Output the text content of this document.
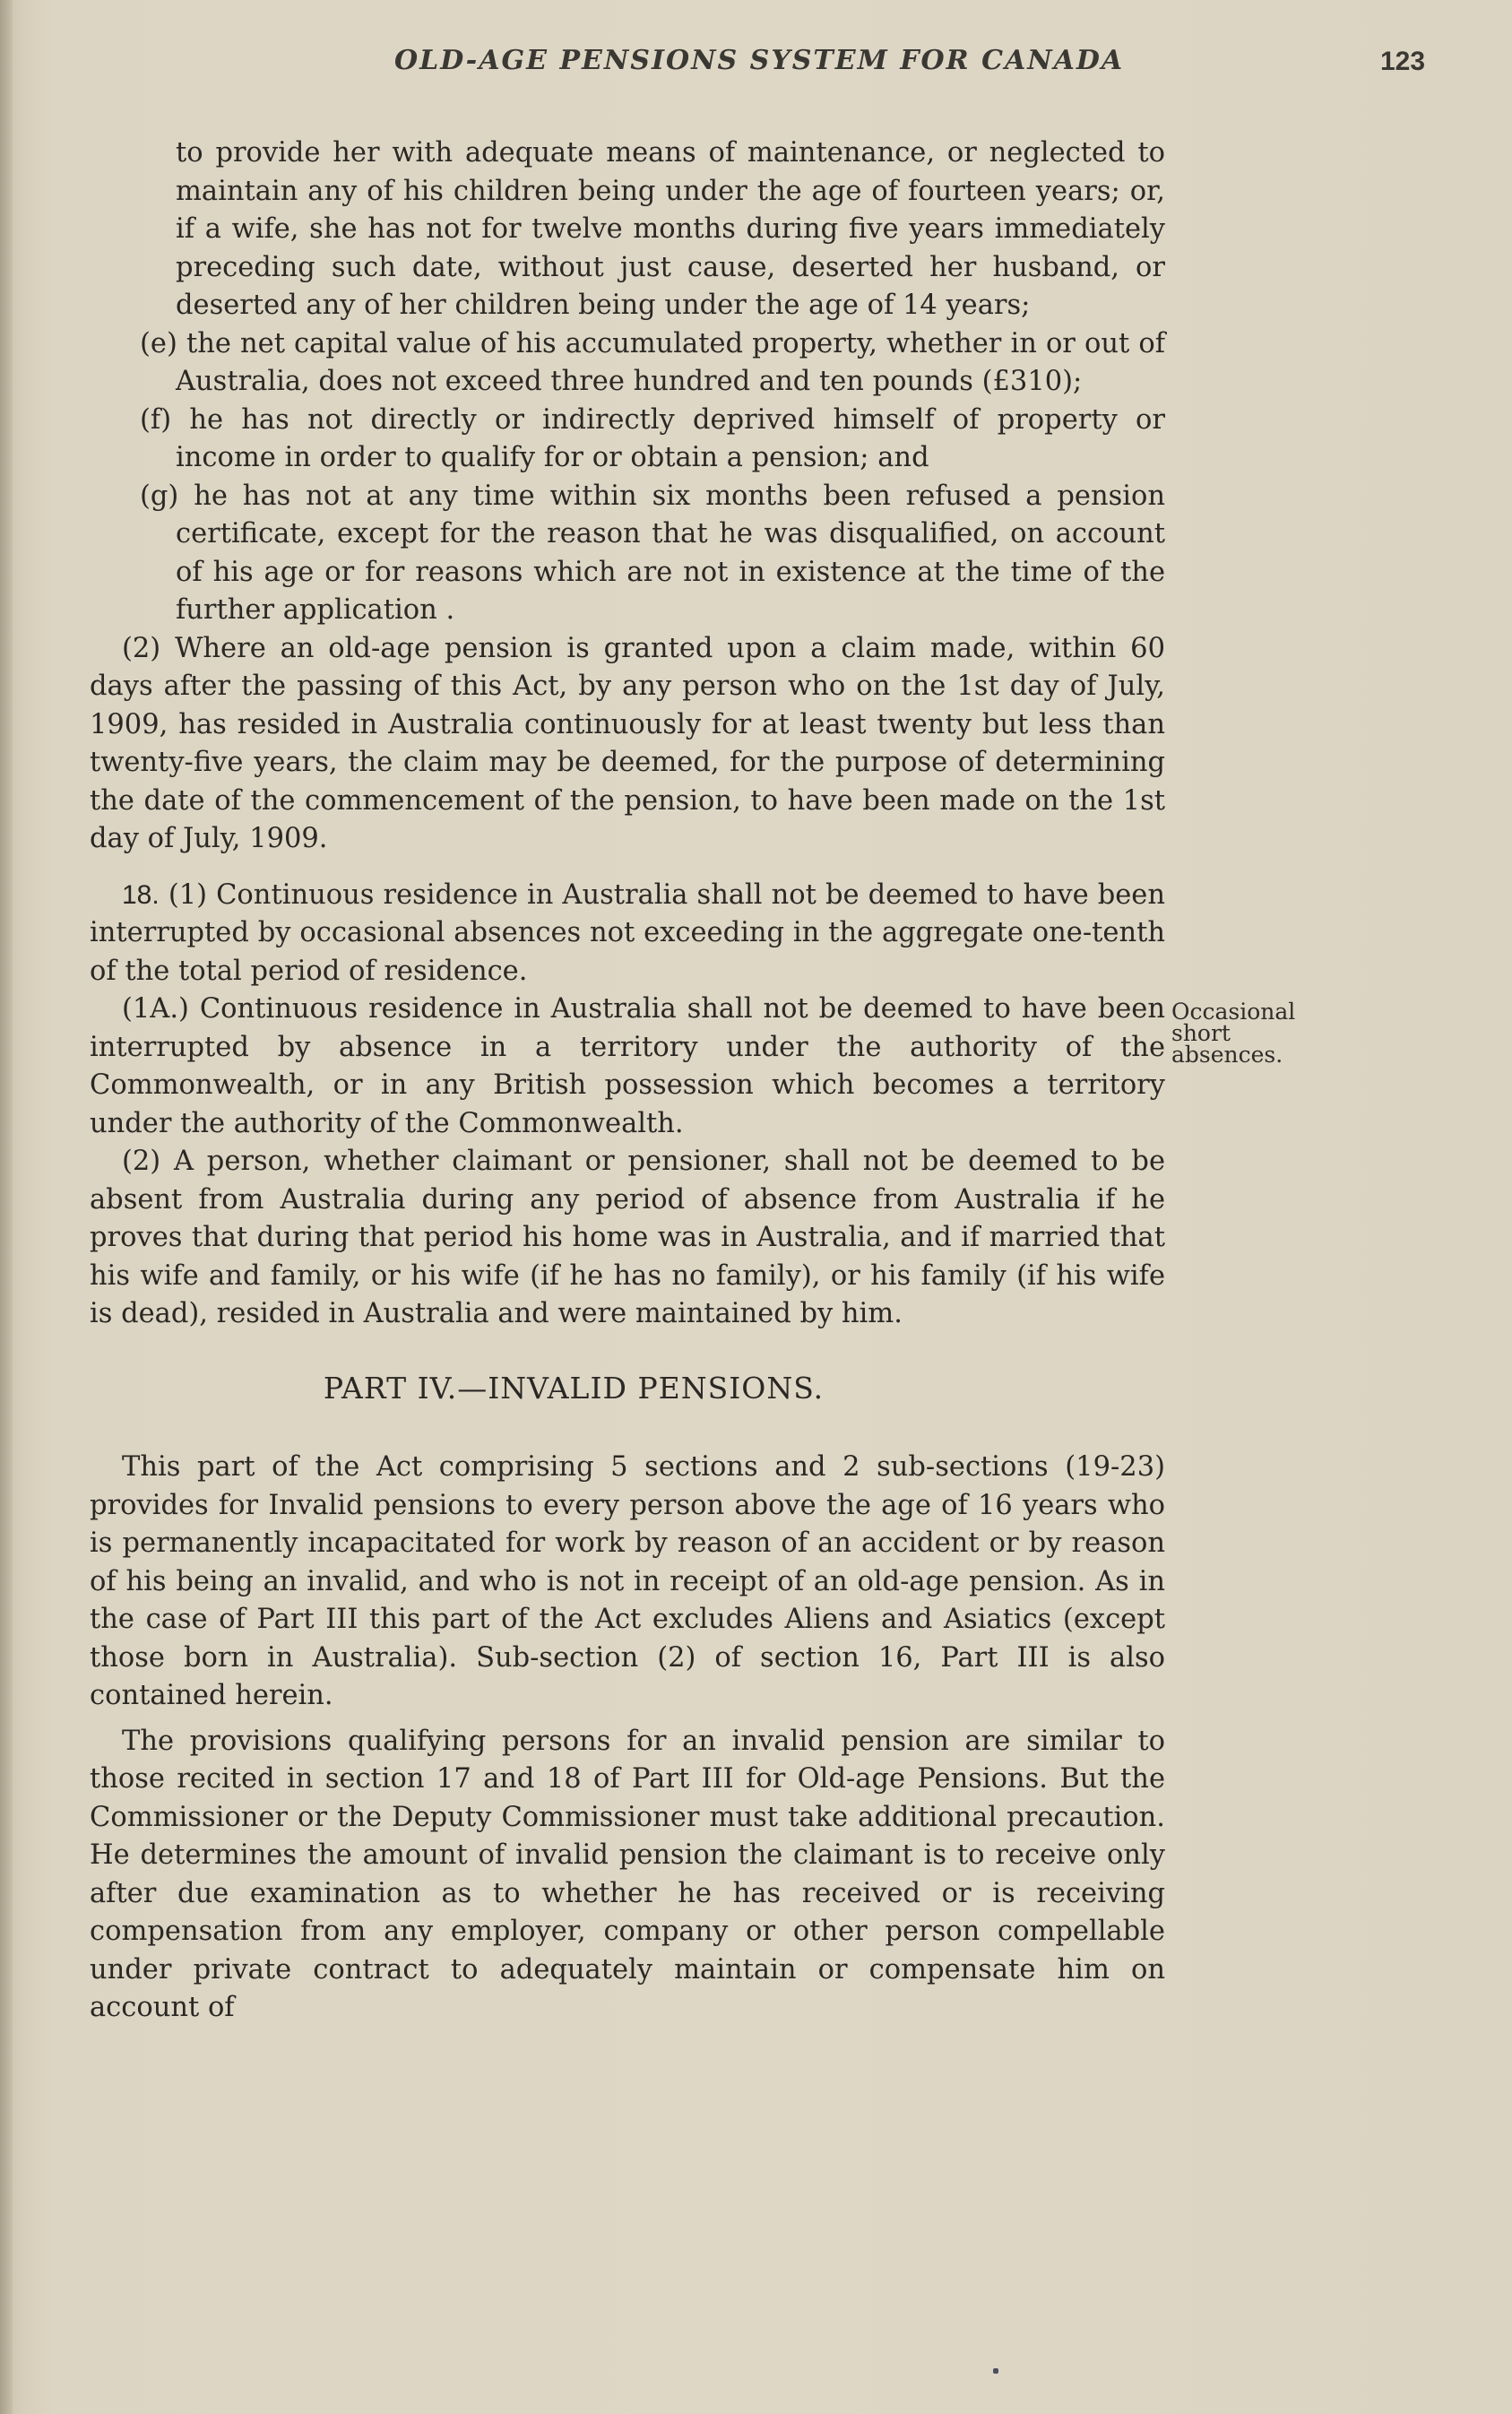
OLD-AGE PENSIONS SYSTEM FOR CANADA	123

to provide her with adequate means of maintenance, or neglected to maintain any of his children being under the age of fourteen years; or, if a wife, she has not for twelve months during five years immediately preceding such date, without just cause, deserted her husband, or deserted any of her children being under the age of 14 years;

(e) the net capital value of his accumulated property, whether in or out of Australia, does not exceed three hundred and ten pounds (£310);

(f) he has not directly or indirectly deprived himself of property or income in order to qualify for or obtain a pension; and

(g) he has not at any time within six months been refused a pension certificate, except for the reason that he was disqualified, on account of his age or for reasons which are not in existence at the time of the further application .

(2) Where an old-age pension is granted upon a claim made, within 60 days after the passing of this Act, by any person who on the 1st day of July, 1909, has resided in Australia continuously for at least twenty but less than twenty-five years, the claim may be deemed, for the purpose of determining the date of the commencement of the pension, to have been made on the 1st day of July, 1909.

18. (1) Continuous residence in Australia shall not be deemed to have been interrupted by occasional absences not exceeding in the aggregate one-tenth of the total period of residence.

(1A.) Continuous residence in Australia shall not be deemed to have been interrupted by absence in a territory under the authority of the Commonwealth, or in any British possession which becomes a territory under the authority of the Commonwealth.

(2) A person, whether claimant or pensioner, shall not be deemed to be absent from Australia during any period of absence from Australia if he proves that during that period his home was in Australia, and if married that his wife and family, or his wife (if he has no family), or his family (if his wife is dead), resided in Australia and were maintained by him.

PART IV.—INVALID PENSIONS.

This part of the Act comprising 5 sections and 2 sub-sections (19-23) provides for Invalid pensions to every person above the age of 16 years who is permanently incapacitated for work by reason of an accident or by reason of his being an invalid, and who is not in receipt of an old-age pension. As in the case of Part III this part of the Act excludes Aliens and Asiatics (except those born in Australia). Sub-section (2) of section 16, Part III is also contained herein.

The provisions qualifying persons for an invalid pension are similar to those recited in section 17 and 18 of Part III for Old-age Pensions. But the Commissioner or the Deputy Commissioner must take additional precaution. He determines the amount of invalid pension the claimant is to receive only after due examination as to whether he has received or is receiving compensation from any employer, company or other person compellable under private contract to adequately maintain or compensate him on account of

Occasional short absences.
